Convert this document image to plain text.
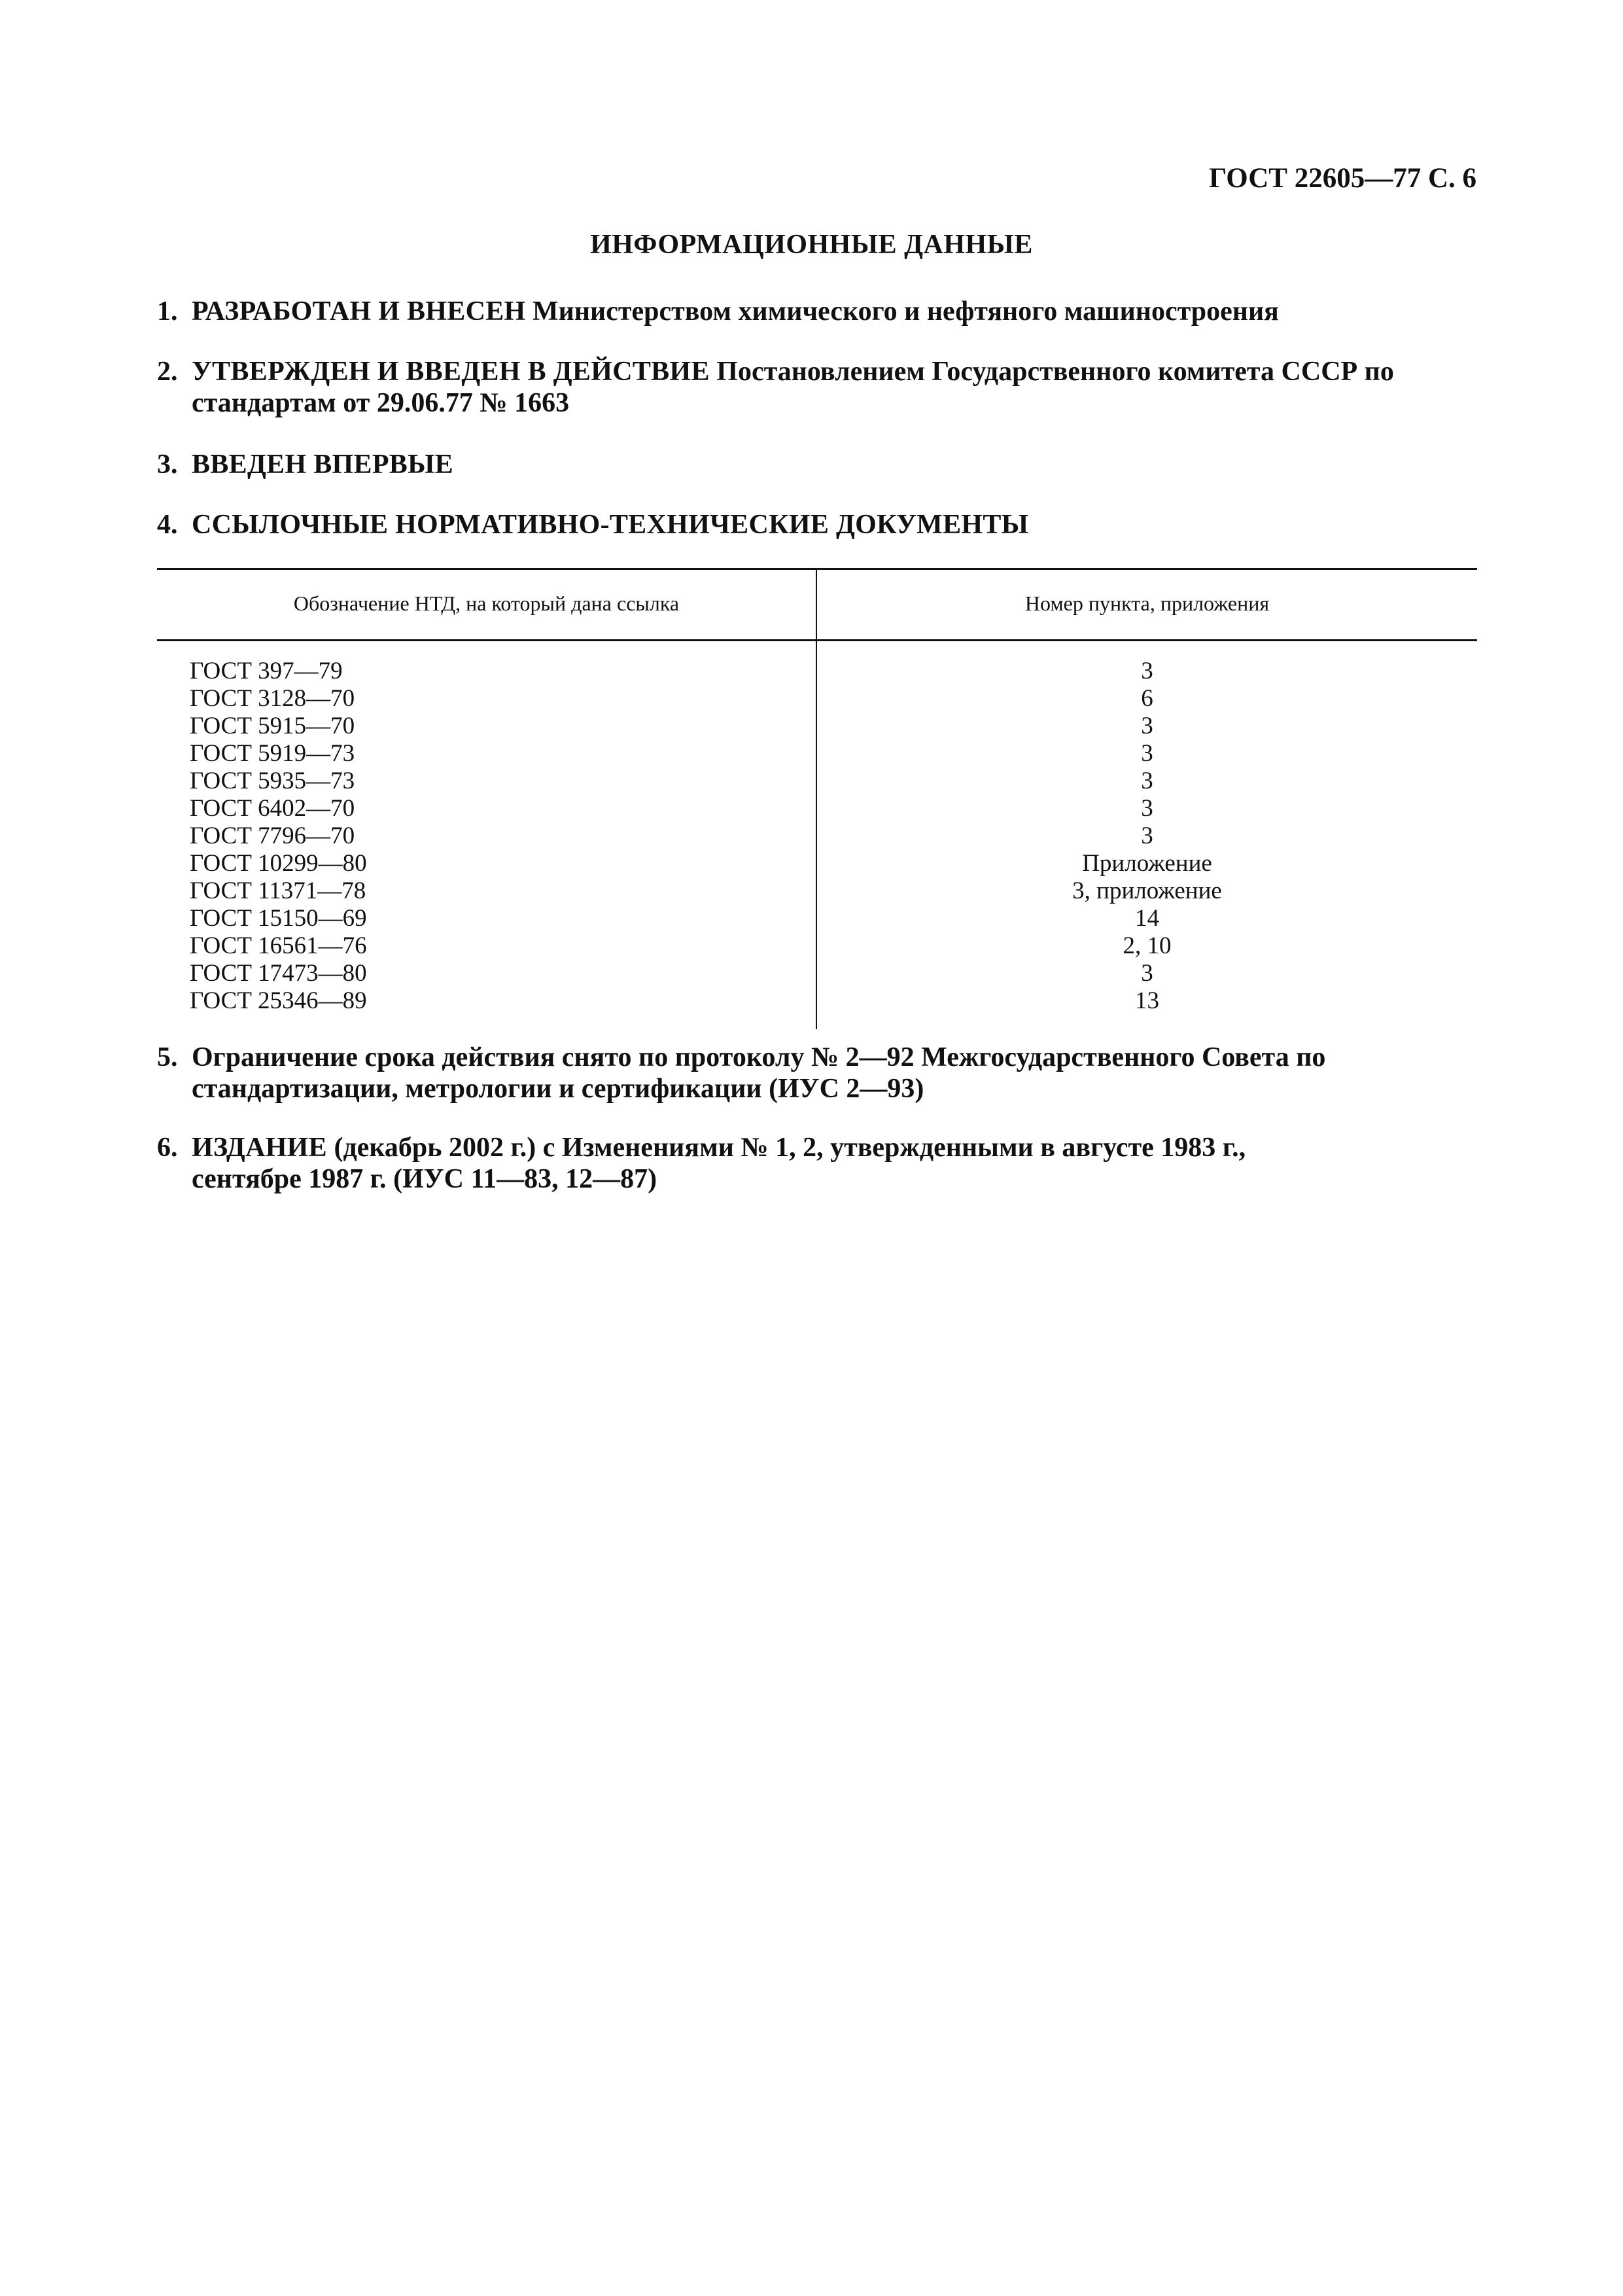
ГОСТ 22605—77 С. 6
ИНФОРМАЦИОННЫЕ ДАННЫЕ
1. РАЗРАБОТАН И ВНЕСЕН Министерством химического и нефтяного машиностроения
2. УТВЕРЖДЕН И ВВЕДЕН В ДЕЙСТВИЕ Постановлением Государственного комитета СССР по
стандартам от 29.06.77 № 1663
3. ВВЕДЕН ВПЕРВЫЕ
4. ССЫЛОЧНЫЕ НОРМАТИВНО-ТЕХНИЧЕСКИЕ ДОКУМЕНТЫ
Обозначение НТД, на который дана ссылка	Номер пункта, приложения
ГОСТ 397—79	3
ГОСТ 3128—70	6
ГОСТ 5915—70	3
ГОСТ 5919—73	3
ГОСТ 5935—73	3
ГОСТ 6402—70	3
ГОСТ 7796—70	3
ГОСТ 10299—80	Приложение
ГОСТ 11371—78	3, приложение
ГОСТ 15150—69	14
ГОСТ 16561—76	2, 10
ГОСТ 17473—80	3
ГОСТ 25346—89	13
5. Ограничение срока действия снято по протоколу № 2—92 Межгосударственного Совета по
стандартизации, метрологии и сертификации (ИУС 2—93)
6. ИЗДАНИЕ (декабрь 2002 г.) с Изменениями № 1, 2, утвержденными в августе 1983 г.,
сентябре 1987 г. (ИУС 11—83, 12—87)
